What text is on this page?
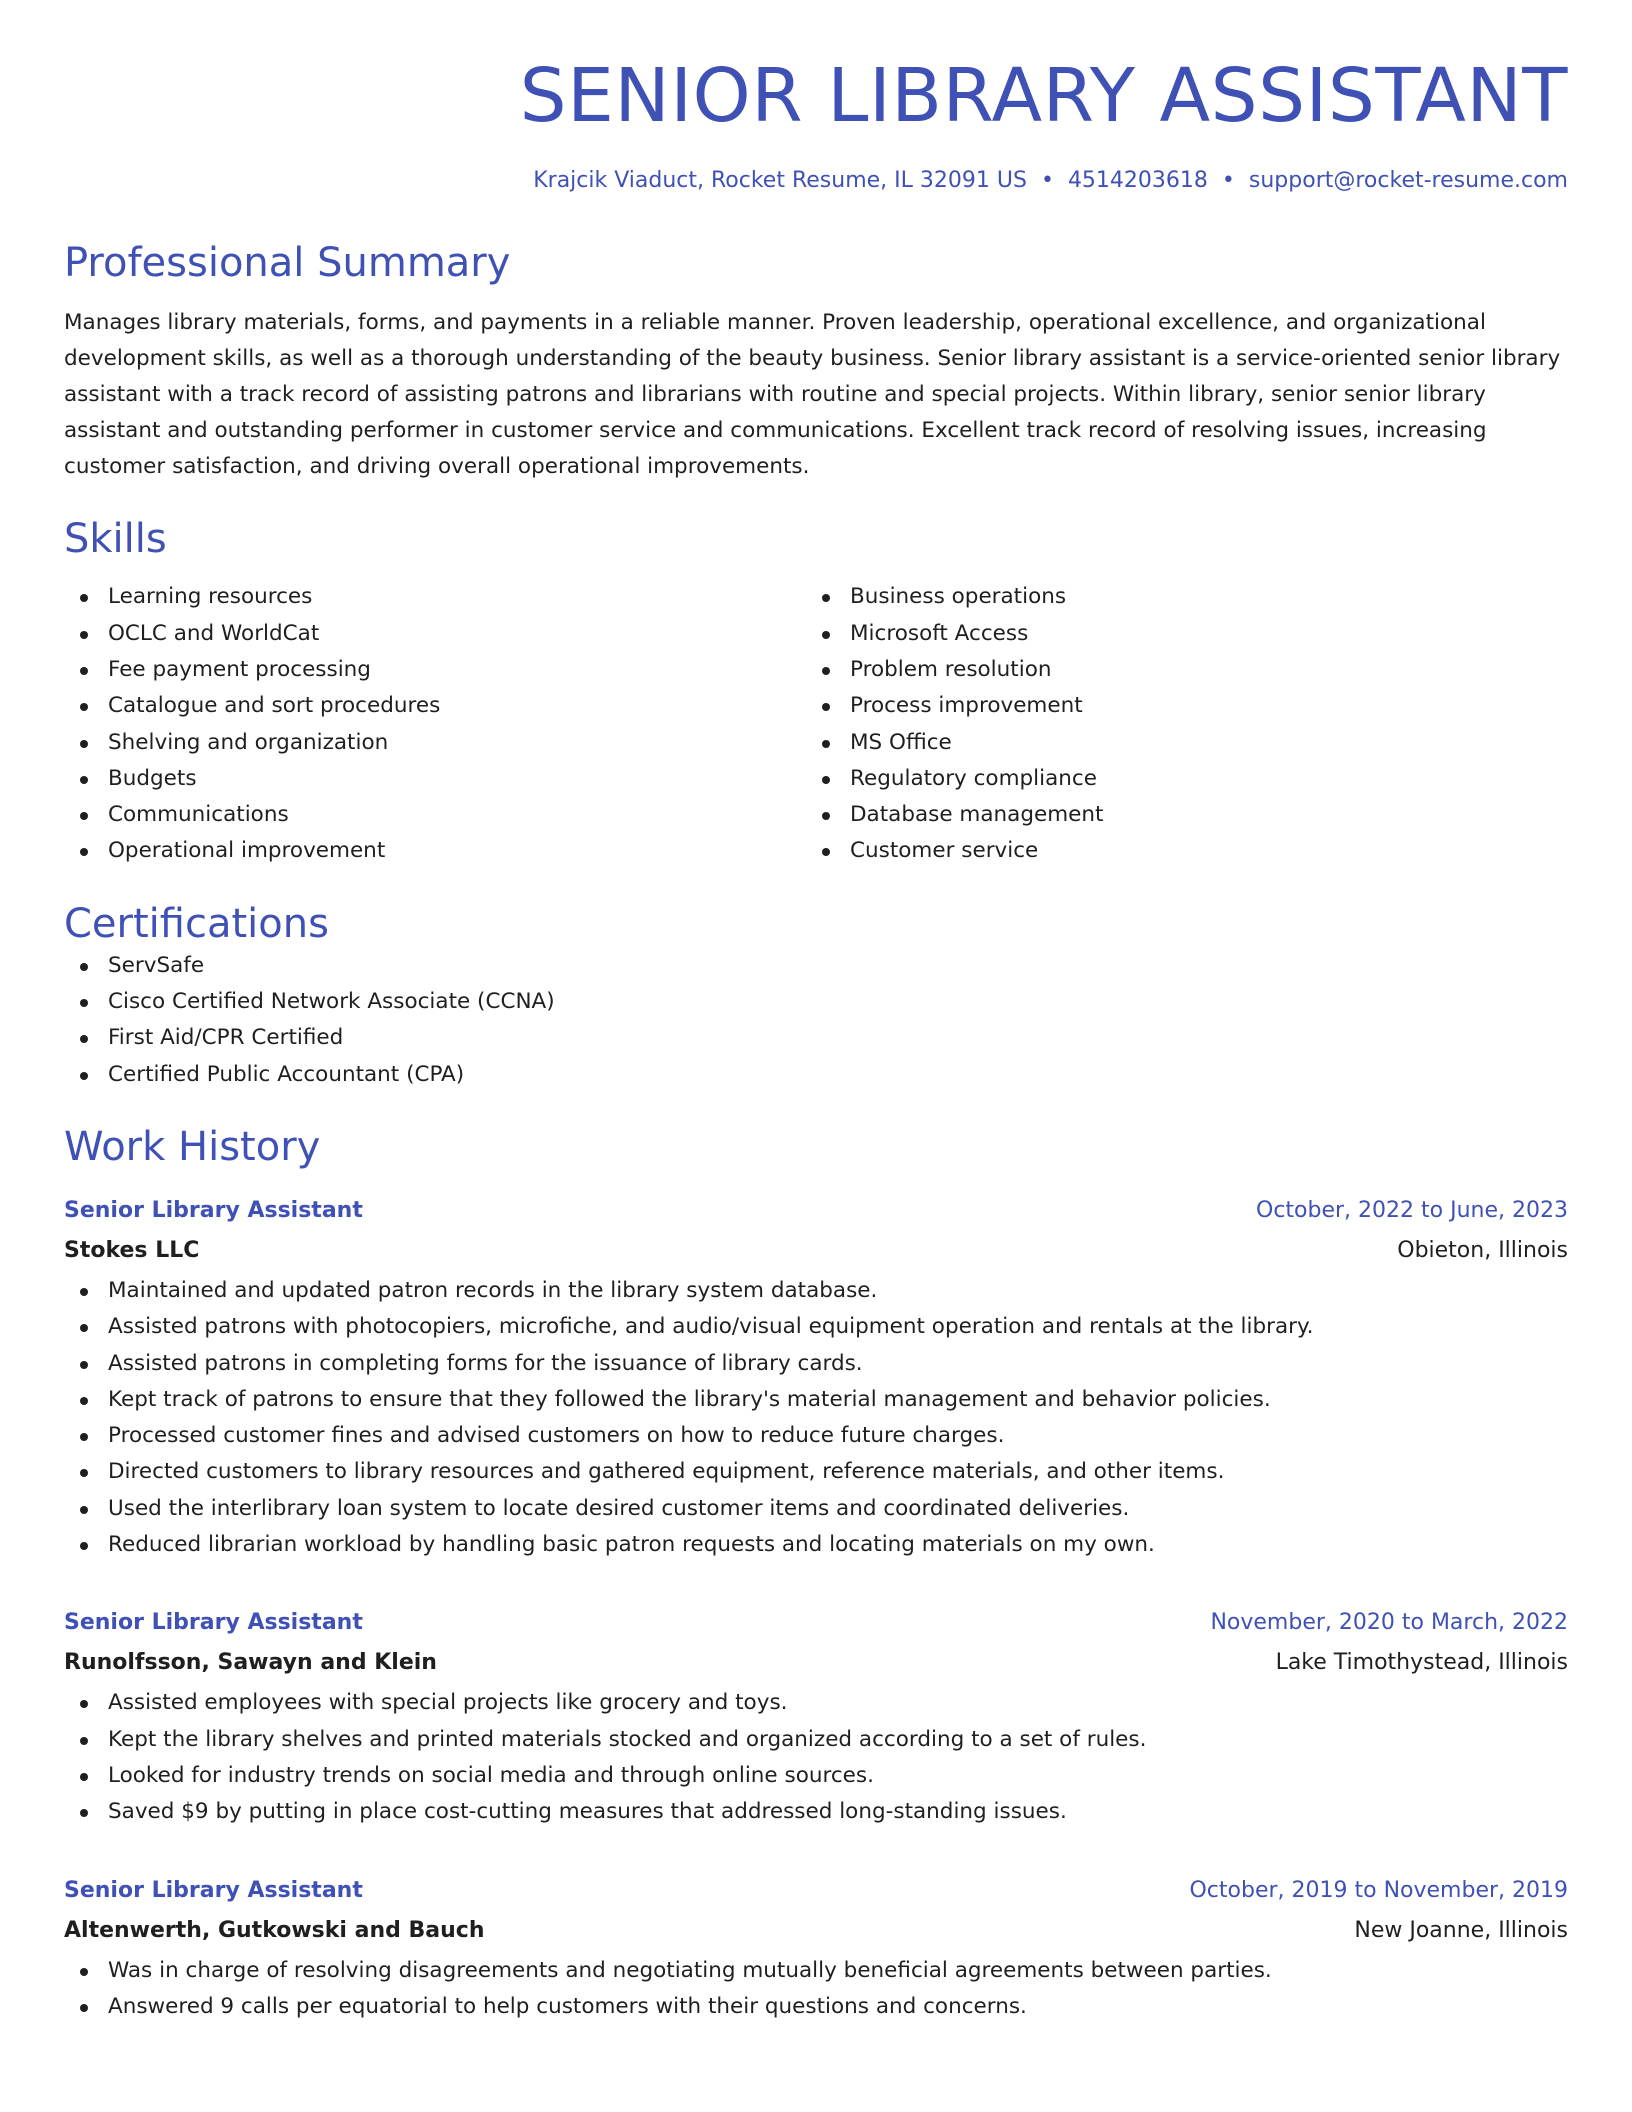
SENIOR LIBRARY ASSISTANT
Krajcik Viaduct, Rocket Resume, IL 32091 US • 4514203618 • support@rocket-resume.com
Professional Summary
Manages library materials, forms, and payments in a reliable manner. Proven leadership, operational excellence, and organizational development skills, as well as a thorough understanding of the beauty business. Senior library assistant is a service-oriented senior library assistant with a track record of assisting patrons and librarians with routine and special projects. Within library, senior senior library assistant and outstanding performer in customer service and communications. Excellent track record of resolving issues, increasing customer satisfaction, and driving overall operational improvements.
Skills
Learning resources
OCLC and WorldCat
Fee payment processing
Catalogue and sort procedures
Shelving and organization
Budgets
Communications
Operational improvement
Business operations
Microsoft Access
Problem resolution
Process improvement
MS Office
Regulatory compliance
Database management
Customer service
Certifications
ServSafe
Cisco Certified Network Associate (CCNA)
First Aid/CPR Certified
Certified Public Accountant (CPA)
Work History
Senior Library Assistant	October, 2022 to June, 2023
Stokes LLC	Obieton, Illinois
Maintained and updated patron records in the library system database.
Assisted patrons with photocopiers, microfiche, and audio/visual equipment operation and rentals at the library.
Assisted patrons in completing forms for the issuance of library cards.
Kept track of patrons to ensure that they followed the library's material management and behavior policies.
Processed customer fines and advised customers on how to reduce future charges.
Directed customers to library resources and gathered equipment, reference materials, and other items.
Used the interlibrary loan system to locate desired customer items and coordinated deliveries.
Reduced librarian workload by handling basic patron requests and locating materials on my own.
Senior Library Assistant	November, 2020 to March, 2022
Runolfsson, Sawayn and Klein	Lake Timothystead, Illinois
Assisted employees with special projects like grocery and toys.
Kept the library shelves and printed materials stocked and organized according to a set of rules.
Looked for industry trends on social media and through online sources.
Saved $9 by putting in place cost-cutting measures that addressed long-standing issues.
Senior Library Assistant	October, 2019 to November, 2019
Altenwerth, Gutkowski and Bauch	New Joanne, Illinois
Was in charge of resolving disagreements and negotiating mutually beneficial agreements between parties.
Answered 9 calls per equatorial to help customers with their questions and concerns.
